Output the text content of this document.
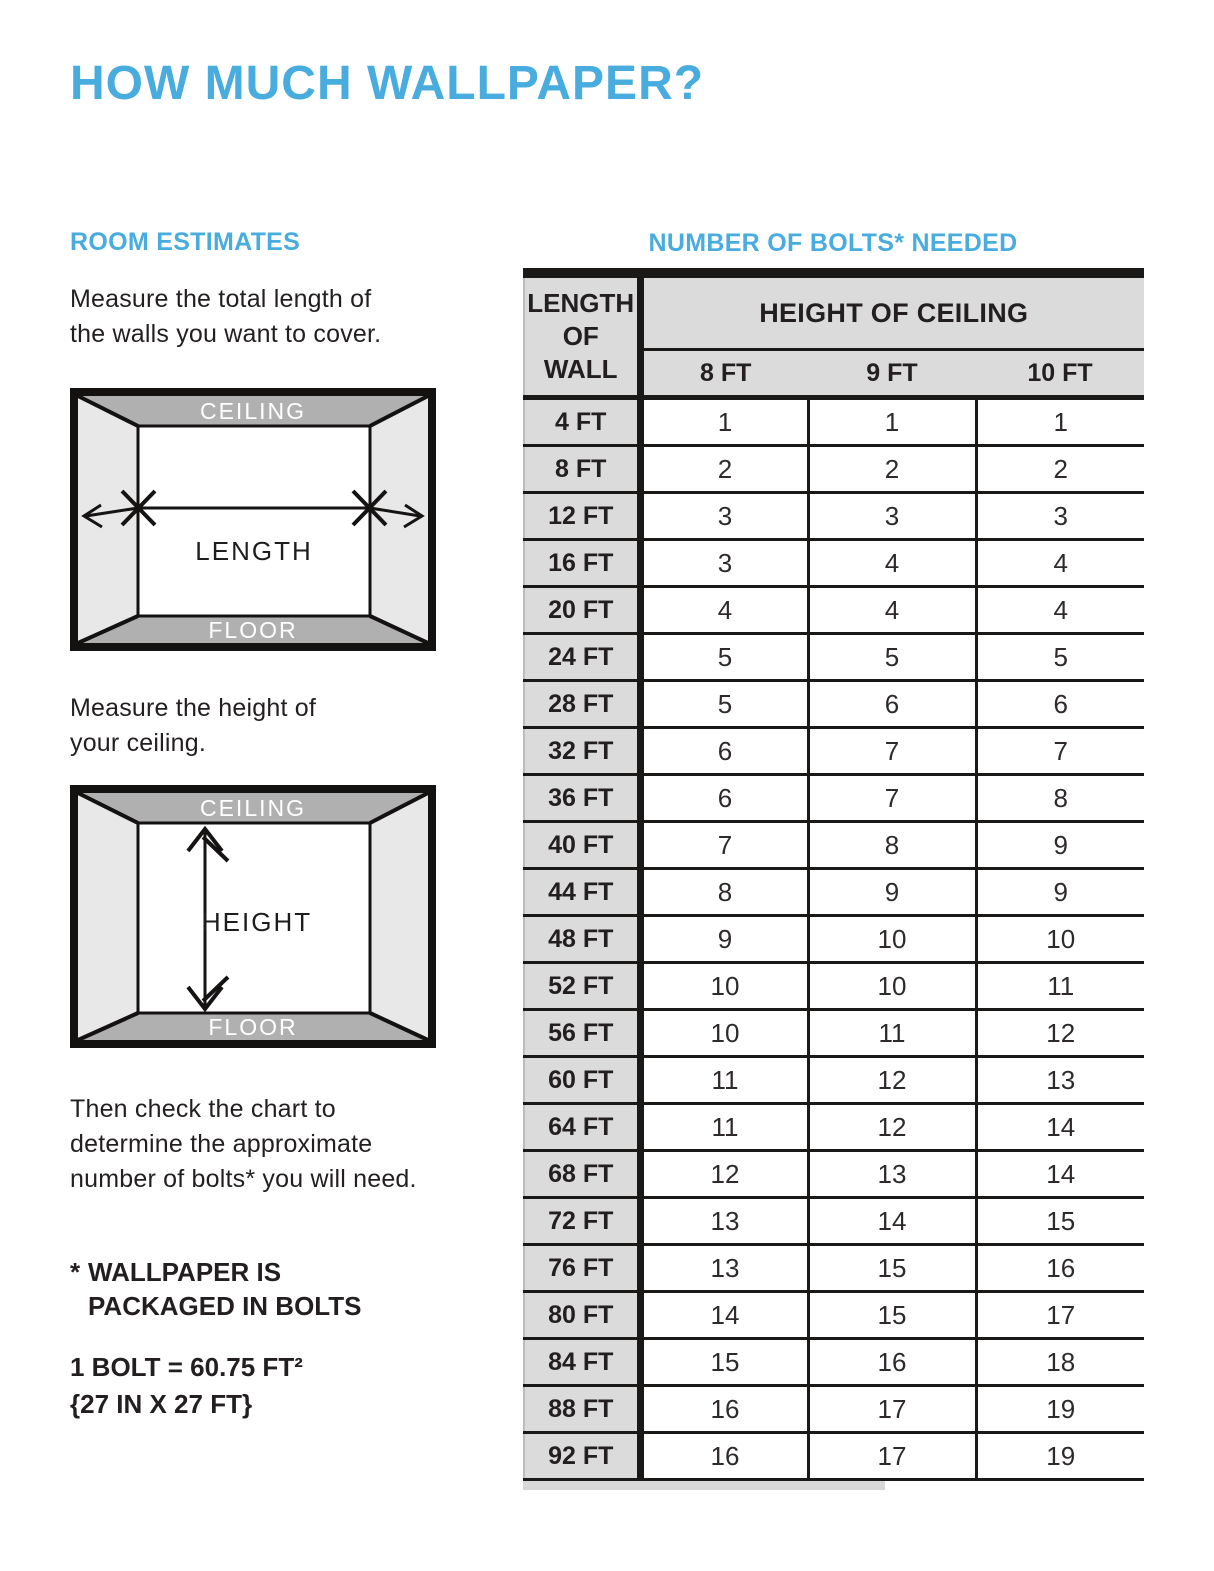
HOW MUCH WALLPAPER?
ROOM ESTIMATES

Measure the total length of
the walls you want to cover.

CEILING
FLOOR
LENGTH

Measure the height of
your ceiling.

CEILING
FLOOR
HEIGHT

Then check the chart to
determine the approximate
number of bolts* you will need.

* WALLPAPER IS
PACKAGED IN BOLTS
1 BOLT = 60.75 FT²
{27 IN X 27 FT}
NUMBER OF BOLTS* NEEDED
LENGTH OF WALL	HEIGHT OF CEILING		
	8 FT	9 FT	10 FT
4 FT	1	1	1
8 FT	2	2	2
12 FT	3	3	3
16 FT	3	4	4
20 FT	4	4	4
24 FT	5	5	5
28 FT	5	6	6
32 FT	6	7	7
36 FT	6	7	8
40 FT	7	8	9
44 FT	8	9	9
48 FT	9	10	10
52 FT	10	10	11
56 FT	10	11	12
60 FT	11	12	13
64 FT	11	12	14
68 FT	12	13	14
72 FT	13	14	15
76 FT	13	15	16
80 FT	14	15	17
84 FT	15	16	18
88 FT	16	17	19
92 FT	16	17	19
